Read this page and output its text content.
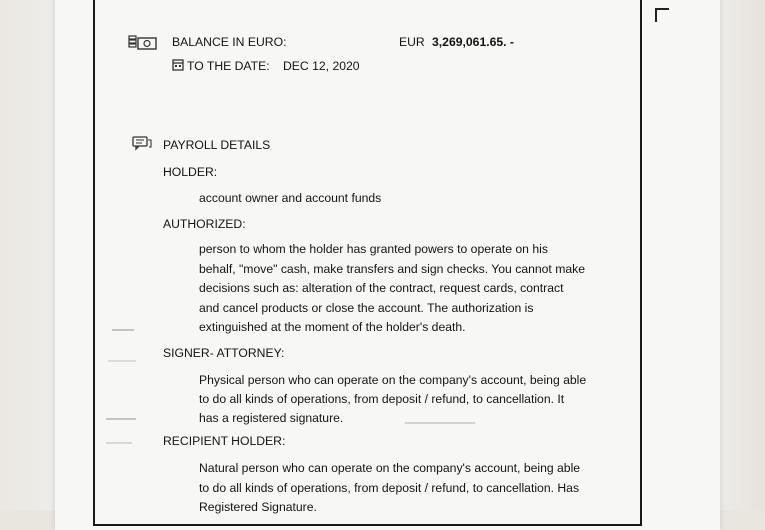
BALANCE IN EURO:	EUR 3,269,061.65. -
TO THE DATE: DEC 12, 2020
PAYROLL DETAILS
HOLDER:
account owner and account funds
AUTHORIZED:
person to whom the holder has granted powers to operate on his
behalf, "move" cash, make transfers and sign checks. You cannot make
decisions such as: alteration of the contract, request cards, contract
and cancel products or close the account. The authorization is
extinguished at the moment of the holder's death.
SIGNER- ATTORNEY:
Physical person who can operate on the company's account, being able
to do all kinds of operations, from deposit / refund, to cancellation. It
has a registered signature.
RECIPIENT HOLDER:
Natural person who can operate on the company's account, being able
to do all kinds of operations, from deposit / refund, to cancellation. Has
Registered Signature.
